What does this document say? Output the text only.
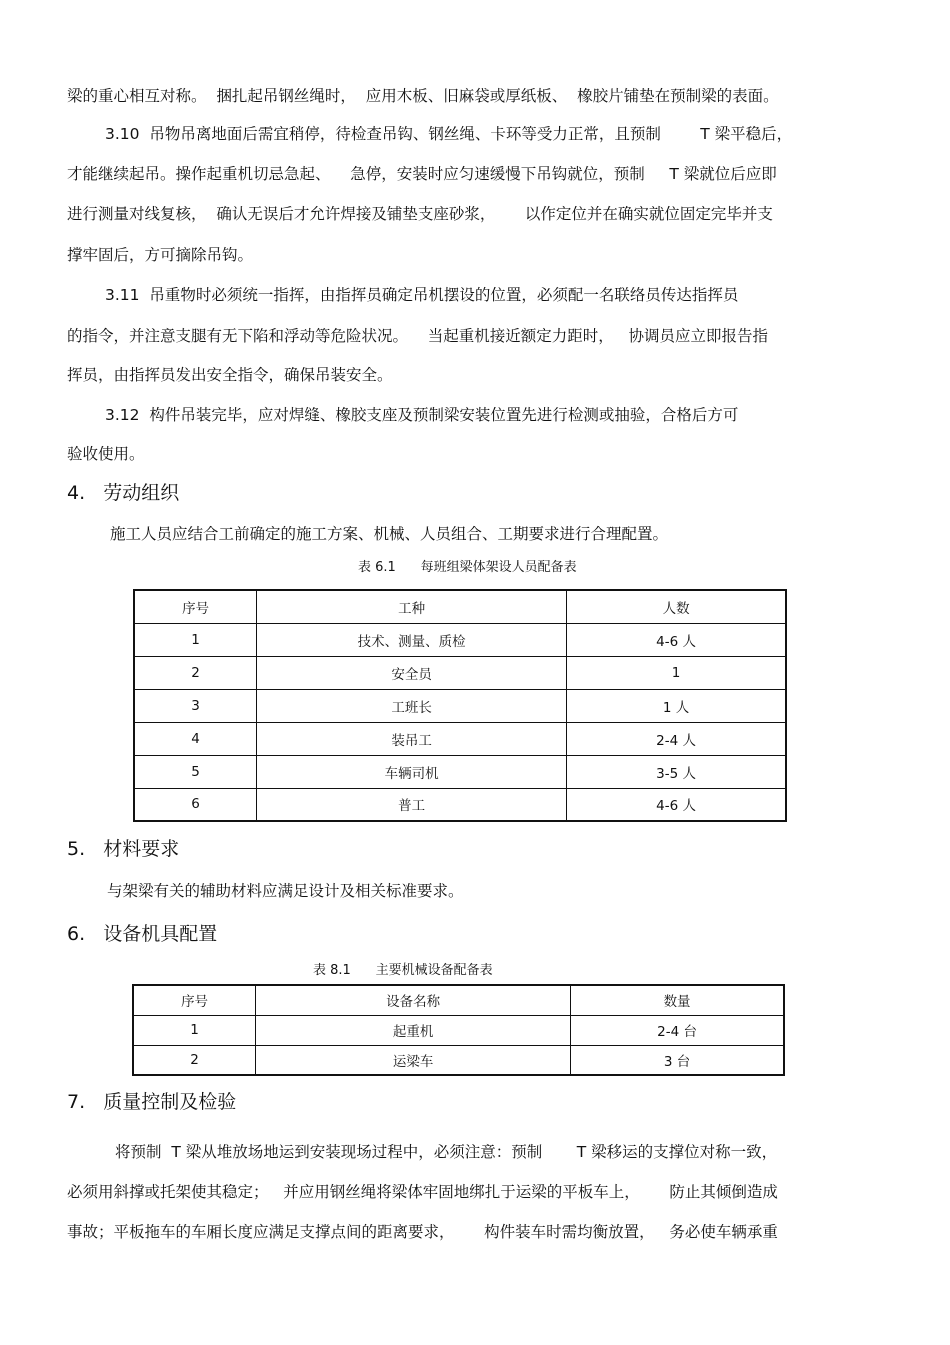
梁的重心相互对称。  捆扎起吊钢丝绳时，  应用木板、旧麻袋或厚纸板、  橡胶片铺垫在预制梁的表面。
3.10  吊物吊离地面后需宜稍停，待检查吊钩、钢丝绳、卡环等受力正常，且预制        T 梁平稳后，
才能继续起吊。操作起重机切忌急起、    急停，安装时应匀速缓慢下吊钩就位，预制     T 梁就位后应即
进行测量对线复核，  确认无误后才允许焊接及铺垫支座砂浆，      以作定位并在确实就位固定完毕并支
撑牢固后，方可摘除吊钩。
3.11  吊重物时必须统一指挥，由指挥员确定吊机摆设的位置，必须配一名联络员传达指挥员
的指令，并注意支腿有无下陷和浮动等危险状况。    当起重机接近额定力距时，   协调员应立即报告指
挥员，由指挥员发出安全指令，确保吊装安全。
3.12  构件吊装完毕，应对焊缝、橡胶支座及预制梁安装位置先进行检测或抽验，合格后方可
验收使用。
4.   劳动组织
施工人员应结合工前确定的施工方案、机械、人员组合、工期要求进行合理配置。
表 6.1      每班组梁体架设人员配备表
序号	工种	人数
1	技术、测量、质检	4-6 人
2	安全员	1
3	工班长	1 人
4	装吊工	2-4 人
5	车辆司机	3-5 人
6	普工	4-6 人
5.   材料要求
与架梁有关的辅助材料应满足设计及相关标准要求。
6.   设备机具配置
表 8.1      主要机械设备配备表
序号	设备名称	数量
1	起重机	2-4 台
2	运梁车	3 台
7.   质量控制及检验
将预制  T 梁从堆放场地运到安装现场过程中，必须注意：预制       T 梁移运的支撑位对称一致，
必须用斜撑或托架使其稳定；   并应用钢丝绳将梁体牢固地绑扎于运梁的平板车上，      防止其倾倒造成
事故；平板拖车的车厢长度应满足支撑点间的距离要求，      构件装车时需均衡放置，   务必使车辆承重
